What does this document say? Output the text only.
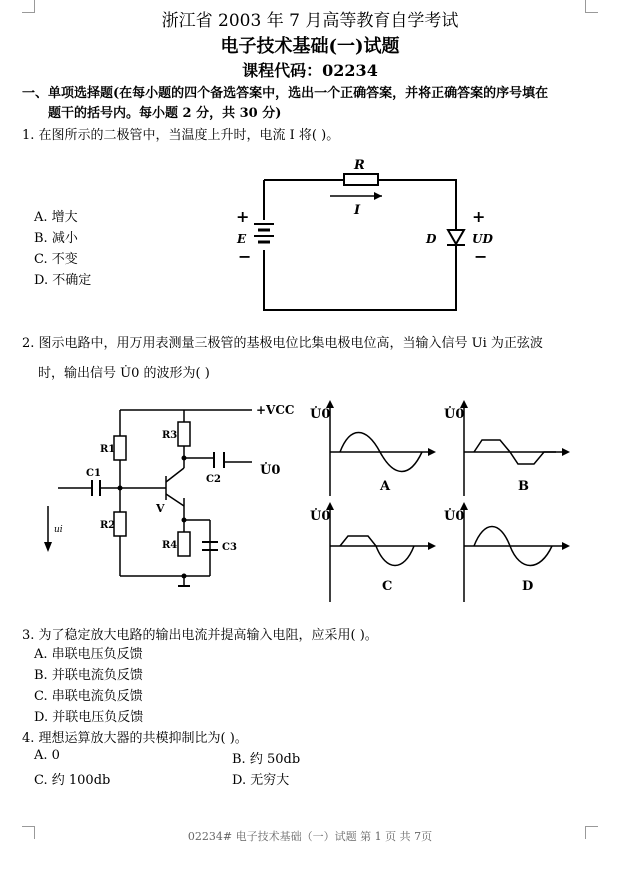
浙江省 2003 年 7 月高等教育自学考试
电子技术基础(一)试题
课程代码：02234
一、单项选择题(在每小题的四个备选答案中，选出一个正确答案，并将正确答案的序号填在
题干的括号内。每小题 2 分，共 30 分)
1. 在图所示的二极管中，当温度上升时，电流 I 将( )。
A. 增大
B. 减小
C. 不变
D. 不确定
R
I
+
E
−
D
+
UD
−
2. 图示电路中，用万用表测量三极管的基极电位比集电极电位高，当输入信号 Ui 为正弦波
时，输出信号 U̇0 的波形为( )
+VCC
R1
R2
R3
R4
C1
C2
C3
V
ui
U̇0
U̇0	U̇0
U̇0	U̇0
A	B
C	D
3. 为了稳定放大电路的输出电流并提高输入电阻，应采用( )。
A. 串联电压负反馈
B. 并联电流负反馈
C. 串联电流负反馈
D. 并联电压负反馈
4. 理想运算放大器的共模抑制比为( )。
A. 0	B. 约 50db
C. 约 100db	D. 无穷大
02234# 电子技术基础（一）试题 第 1 页 共 7页
